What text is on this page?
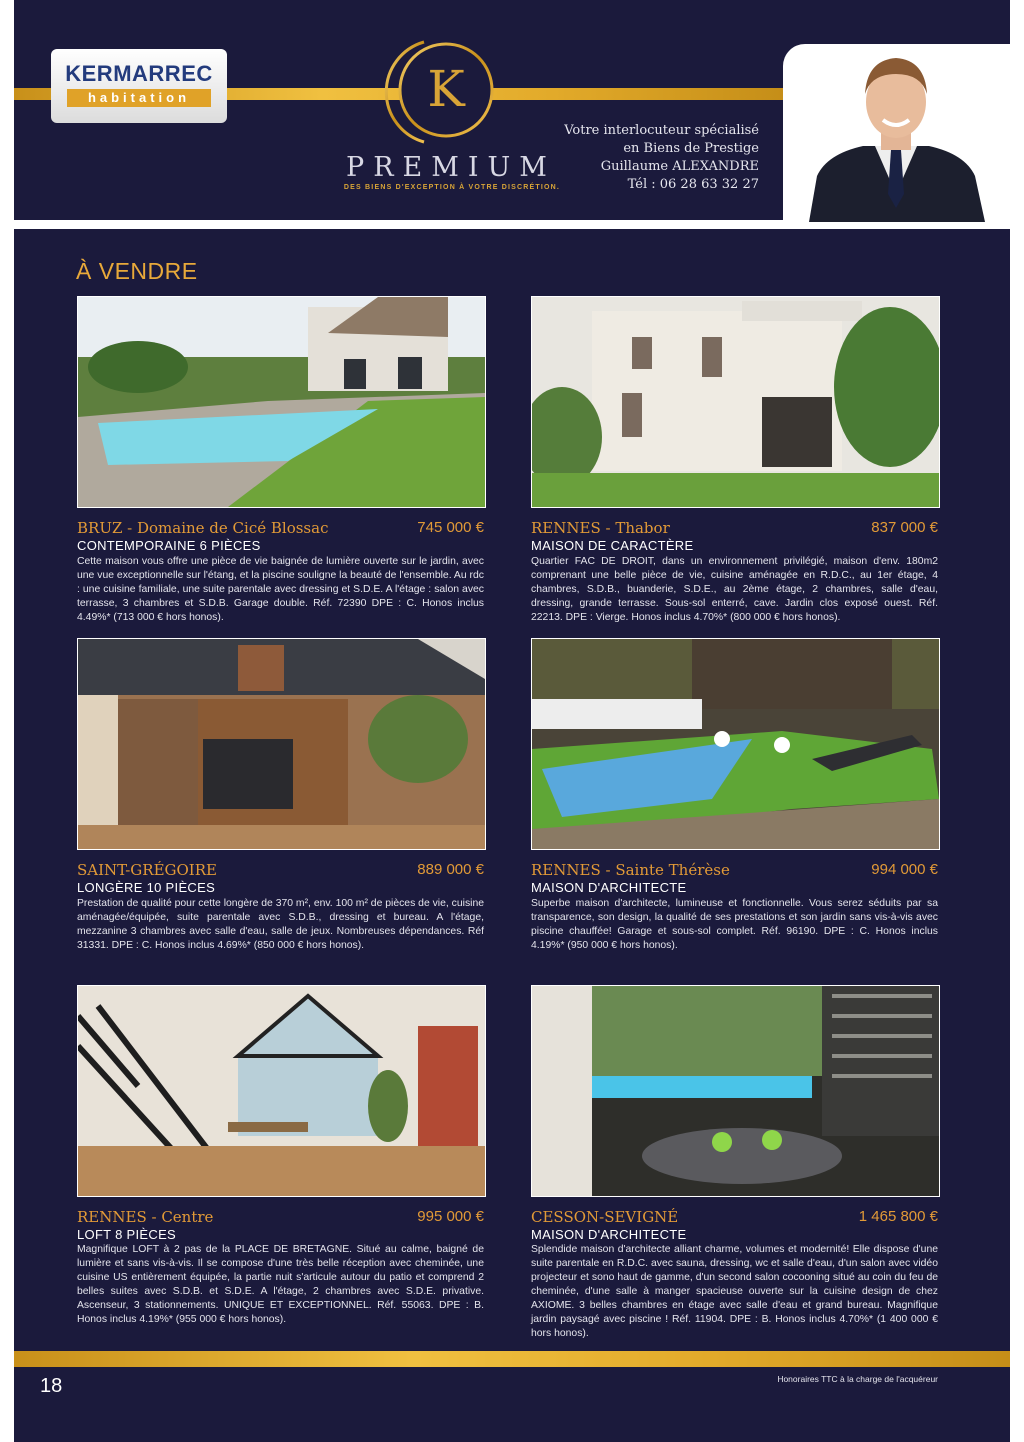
KERMARREC
habitation	K
PREMIUM
DES BIENS D'EXCEPTION À VOTRE DISCRÉTION.
Votre interlocuteur spécialisé
en Biens de Prestige
Guillaume ALEXANDRE
Tél : 06 28 63 32 27
À VENDRE
BRUZ - Domaine de Cicé Blossac	745 000 €
CONTEMPORAINE 6 PIÈCES
Cette maison vous offre une pièce de vie baignée de lumière ouverte sur le jardin, avec une vue exceptionnelle sur l'étang, et la piscine souligne la beauté de l'ensemble. Au rdc : une cuisine familiale, une suite parentale avec dressing et S.D.E. A l'étage : salon avec terrasse, 3 chambres et S.D.B. Garage double. Réf. 72390 DPE : C. Honos inclus 4.49%* (713 000 € hors honos).
RENNES - Thabor	837 000 €
MAISON DE CARACTÈRE
Quartier FAC DE DROIT, dans un environnement privilégié, maison d'env. 180m2 comprenant une belle pièce de vie, cuisine aménagée en R.D.C., au 1er étage, 4 chambres, S.D.B., buanderie, S.D.E., au 2ème étage, 2 chambres, salle d'eau, dressing, grande terrasse. Sous-sol enterré, cave. Jardin clos exposé ouest. Réf. 22213. DPE : Vierge. Honos inclus 4.70%* (800 000 € hors honos).
SAINT-GRÉGOIRE	889 000 €
LONGÈRE 10 PIÈCES
Prestation de qualité pour cette longère de 370 m², env. 100 m² de pièces de vie, cuisine aménagée/équipée, suite parentale avec S.D.B., dressing et bureau. A l'étage, mezzanine 3 chambres avec salle d'eau, salle de jeux. Nombreuses dépendances. Réf 31331. DPE : C. Honos inclus 4.69%* (850 000 € hors honos).
RENNES - Sainte Thérèse	994 000 €
MAISON D'ARCHITECTE
Superbe maison d'architecte, lumineuse et fonctionnelle. Vous serez séduits par sa transparence, son design, la qualité de ses prestations et son jardin sans vis-à-vis avec piscine chauffée! Garage et sous-sol complet. Réf. 96190. DPE : C. Honos inclus 4.19%* (950 000 € hors honos).
RENNES - Centre	995 000 €
LOFT 8 PIÈCES
Magnifique LOFT à 2 pas de la PLACE DE BRETAGNE. Situé au calme, baigné de lumière et sans vis-à-vis. Il se compose d'une très belle réception avec cheminée, une cuisine US entièrement équipée, la partie nuit s'articule autour du patio et comprend 2 belles suites avec S.D.B. et S.D.E. A l'étage, 2 chambres avec S.D.E. privative. Ascenseur, 3 stationnements. UNIQUE ET EXCEPTIONNEL. Réf. 55063. DPE : B. Honos inclus 4.19%* (955 000 € hors honos).
CESSON-SEVIGNÉ	1 465 800 €
MAISON D'ARCHITECTE
Splendide maison d'architecte alliant charme, volumes et modernité! Elle dispose d'une suite parentale en R.D.C. avec sauna, dressing, wc et salle d'eau, d'un salon avec vidéo projecteur et sono haut de gamme, d'un second salon cocooning situé au coin du feu de cheminée, d'une salle à manger spacieuse ouverte sur la cuisine design de chez AXIOME. 3 belles chambres en étage avec salle d'eau et grand bureau. Magnifique jardin paysagé avec piscine ! Réf. 11904. DPE : B. Honos inclus 4.70%* (1 400 000 € hors honos).
18	Honoraires TTC à la charge de l'acquéreur
